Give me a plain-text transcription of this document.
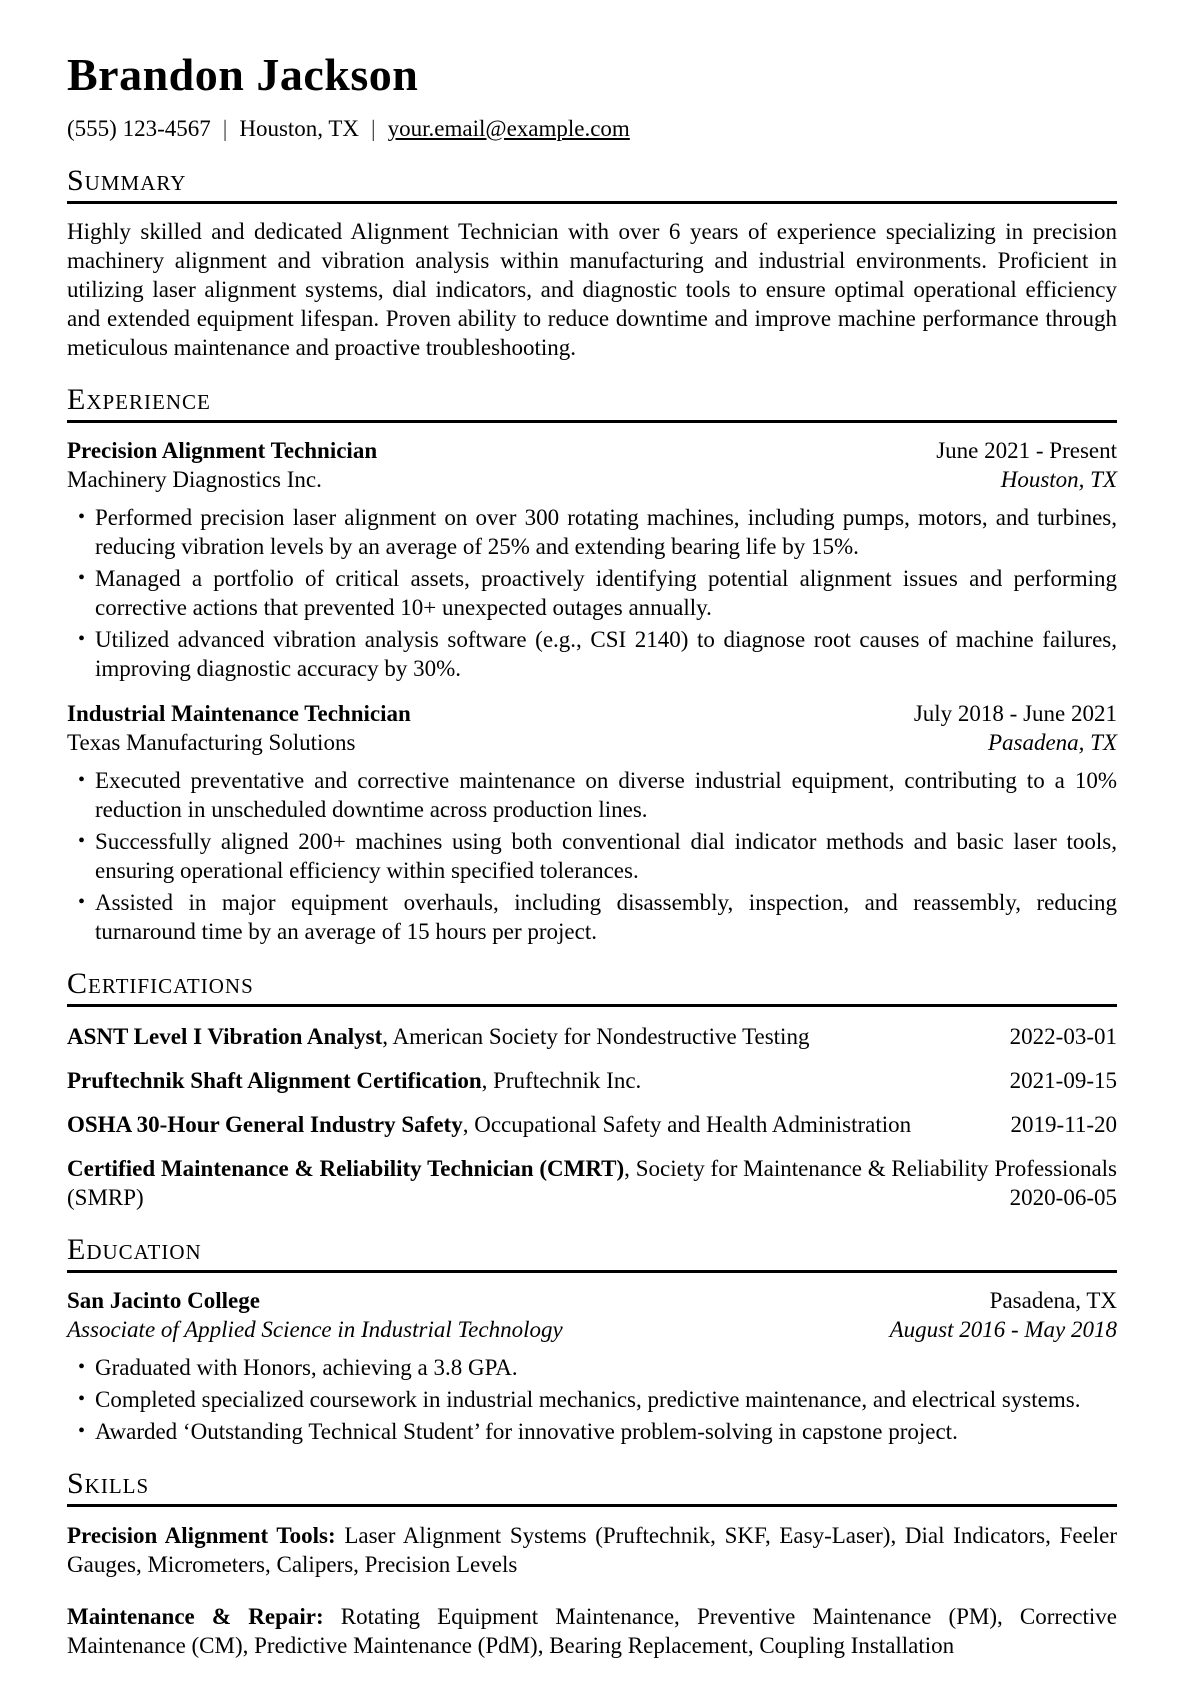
Brandon Jackson
(555) 123-4567 | Houston, TX | your.email@example.com
Summary

Highly skilled and dedicated Alignment Technician with over 6 years of experience specializing in precision machinery alignment and vibration analysis within manufacturing and industrial environments. Proficient in utilizing laser alignment systems, dial indicators, and diagnostic tools to ensure optimal operational efficiency and extended equipment lifespan. Proven ability to reduce downtime and improve machine performance through meticulous maintenance and proactive troubleshooting.

Experience
Precision Alignment Technician	June 2021 - Present
Machinery Diagnostics Inc.	Houston, TX
• Performed precision laser alignment on over 300 rotating machines, including pumps, motors, and turbines, reducing vibration levels by an average of 25% and extending bearing life by 15%.
• Managed a portfolio of critical assets, proactively identifying potential alignment issues and performing corrective actions that prevented 10+ unexpected outages annually.
• Utilized advanced vibration analysis software (e.g., CSI 2140) to diagnose root causes of machine failures, improving diagnostic accuracy by 30%.
Industrial Maintenance Technician	July 2018 - June 2021
Texas Manufacturing Solutions	Pasadena, TX
• Executed preventative and corrective maintenance on diverse industrial equipment, contributing to a 10% reduction in unscheduled downtime across production lines.
• Successfully aligned 200+ machines using both conventional dial indicator methods and basic laser tools, ensuring operational efficiency within specified tolerances.
• Assisted in major equipment overhauls, including disassembly, inspection, and reassembly, reducing turnaround time by an average of 15 hours per project.
Certifications
ASNT Level I Vibration Analyst, American Society for Nondestructive Testing	2022-03-01
Pruftechnik Shaft Alignment Certification, Pruftechnik Inc.	2021-09-15
OSHA 30-Hour General Industry Safety, Occupational Safety and Health Administration	2019-11-20
Certified Maintenance & Reliability Technician (CMRT), Society for Maintenance & Reliability Professionals (SMRP)	2020-06-05
Education
San Jacinto College	Pasadena, TX
Associate of Applied Science in Industrial Technology	August 2016 - May 2018
• Graduated with Honors, achieving a 3.8 GPA.
• Completed specialized coursework in industrial mechanics, predictive maintenance, and electrical systems.
• Awarded ‘Outstanding Technical Student’ for innovative problem-solving in capstone project.
Skills

Precision Alignment Tools: Laser Alignment Systems (Pruftechnik, SKF, Easy-Laser), Dial Indicators, Feeler Gauges, Micrometers, Calipers, Precision Levels

Maintenance & Repair: Rotating Equipment Maintenance, Preventive Maintenance (PM), Corrective Maintenance (CM), Predictive Maintenance (PdM), Bearing Replacement, Coupling Installation
